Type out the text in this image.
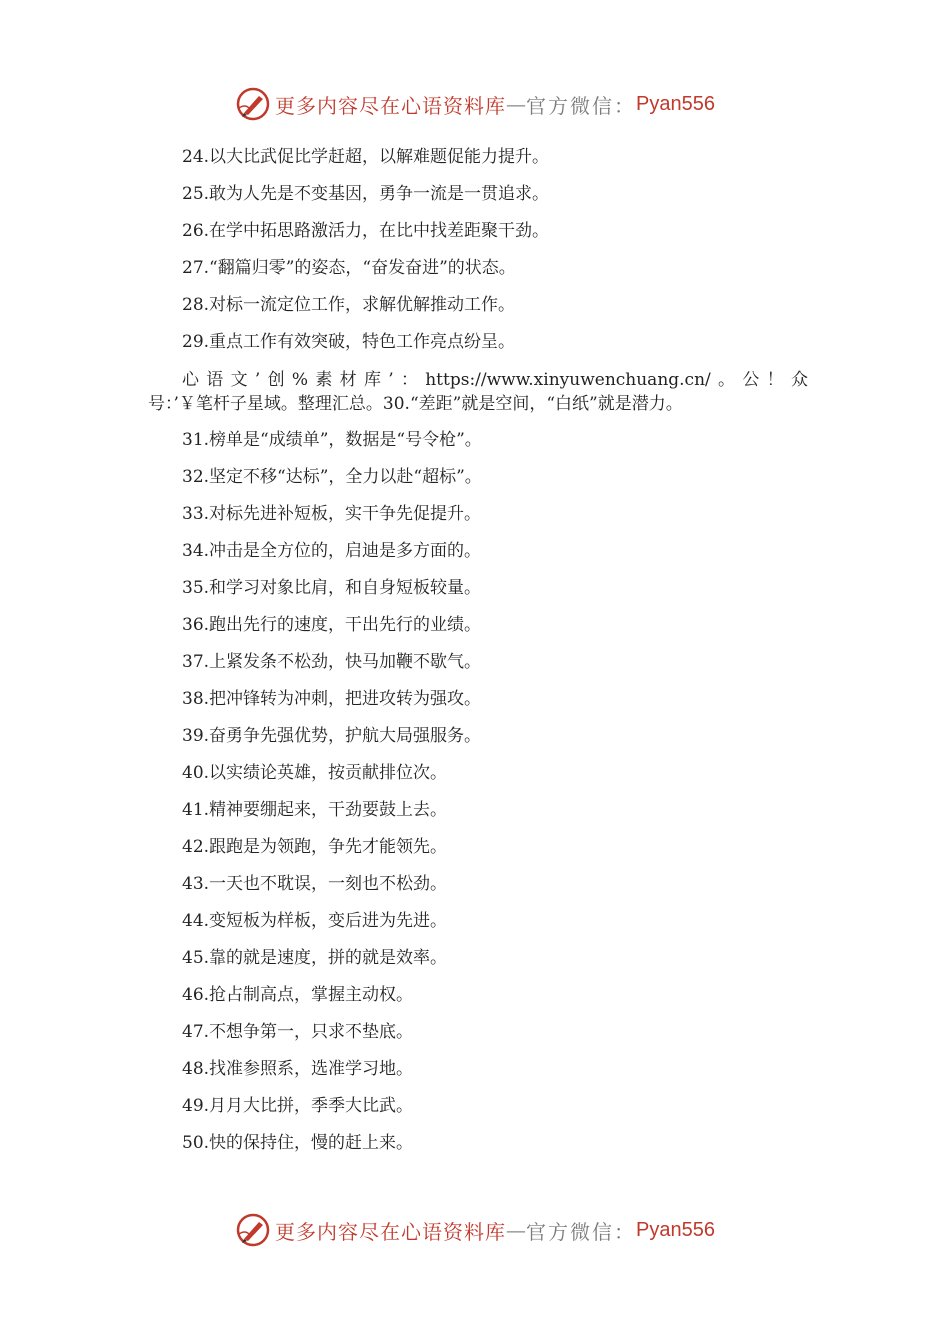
更多内容尽在心语资料库 — 官方微信： Pyan556
24.以大比武促比学赶超，以解难题促能力提升。
25.敢为人先是不变基因，勇争一流是一贯追求。
26.在学中拓思路激活力，在比中找差距聚干劲。
27.“翻篇归零”的姿态，“奋发奋进”的状态。
28.对标一流定位工作，求解优解推动工作。
29.重点工作有效突破，特色工作亮点纷呈。
心 语 文 ’ 创 % 素 材 库 ’ ： https://www.xinyuwenchuang.cn/ 。 公 ！ 众
号：’￥笔杆子星域。整理汇总。30.“差距”就是空间，“白纸”就是潜力。
31.榜单是“成绩单”，数据是“号令枪”。
32.坚定不移“达标”，全力以赴“超标”。
33.对标先进补短板，实干争先促提升。
34.冲击是全方位的，启迪是多方面的。
35.和学习对象比肩，和自身短板较量。
36.跑出先行的速度，干出先行的业绩。
37.上紧发条不松劲，快马加鞭不歇气。
38.把冲锋转为冲刺，把进攻转为强攻。
39.奋勇争先强优势，护航大局强服务。
40.以实绩论英雄，按贡献排位次。
41.精神要绷起来，干劲要鼓上去。
42.跟跑是为领跑，争先才能领先。
43.一天也不耽误，一刻也不松劲。
44.变短板为样板，变后进为先进。
45.靠的就是速度，拼的就是效率。
46.抢占制高点，掌握主动权。
47.不想争第一，只求不垫底。
48.找准参照系，选准学习地。
49.月月大比拼，季季大比武。
50.快的保持住，慢的赶上来。
更多内容尽在心语资料库 — 官方微信： Pyan556
